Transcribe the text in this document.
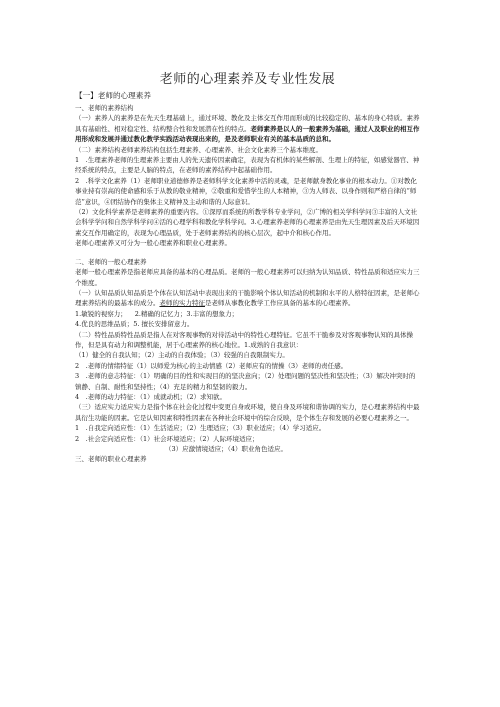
老师的心理素养及专业性发展
【一】老师的心理素养

一、老师的素养结构

（一）素养人的素养是在先天生理基础上，通过环境、教化及主体交互作用而形成的比较稳定的、基本的身心特质。素养具有基础性、相对稳定性、结构整合性和发展潜在性的特点。老师素养是以人的一般素养为基础，通过人及职业的相互作用形成和发展并通过教化教学实践活动表现出来的，是及老师职业有关的基本品质的总和。

（二）素养结构老师素养结构包括生理素养、心理素养、社会文化素养三个基本维度。

1　.生理素养老师的生理素养主要由人的先天遗传因素确定，表现为有机体的某些解剖、生理上的特征，如感觉器官、神经系统的特点，主要是人脑的特点，在老师的素养结构中起基础作用。

2　.科学文化素养（1）老师职业道德修养是老师科学文化素养中活的灵魂，是老师献身教化事业的根本动力。①对教化事业持有崇高的使命感和乐于从教的敬业精神，②敬重和爱惜学生的人本精神，③为人师表、以身作则和严格自律的“师范”意识，④团结协作的集体主义精神及主动和谐的人际意识。

（2）文化科学素养是老师素养的重要内容。①深厚而系统的所教学科专业学问，②广博的相关学科学问③丰富的人文社会科学学问和自然学科学问④活的心理学科和教化学科学问。3.心理素养老师的心理素养是由先天生理因素及后天环境因素交互作用确定的，表现为心理品质，处于老师素养结构的核心层次，起中介和核心作用。

老师心理素养又可分为一般心理素养和职业心理素养。

二、老师的一般心理素养

老师一般心理素养是指老师应具备的基本的心理品质。老师的一般心理素养可以归纳为认知品质、特性品质和适应实力三个维度。

（一）认知品质认知品质是个体在认知活动中表现出来的干脆影响个体认知活动的机制和水平的人格特征因素，是老师心理素养结构的最基本的成分。老师的实力特征是老师从事教化教学工作应具备的基本的心理素养。

1.敏锐的视察力； 2.精确的记忆力；3.丰富的想象力；

4.优良的思维品质；5. 擅长安排留意力。

（二）特性品质特性品质是指人在对客观事物的对待活动中的特性心理特征。它虽不干脆参及对客观事物认知的具体操作，但是具有动力和调整机能，居于心理素养的核心地位。1.成熟的自我意识：

（1）健全的自我认知；（2）主动的自我体验；（3）较强的自我限制实力。

2　.老师的情绪特征（1）以师爱为核心的主动情感（2）老师应有的情操（3）老师的责任感。

3　.老师的意志特征：（1）明确的目的性和实现目的的坚决意向；（2）处理问题的坚决性和坚决性；（3）解决冲突时的镇静、自制、耐性和坚持性；（4）充足的精力和坚韧的毅力。

4　.老师的动力特征：（1）成就动机；（2）求知欲。

（三）适应实力适应实力是指个体在社会化过程中变更自身或环境，使自身及环境和谐协调的实力，是心理素养结构中最具衍生功能的因素。它是认知因素和特性因素在各种社会环境中的综合反映，是个体生存和发展的必要心理素养之一。

1　.自我定向适应性：（1）生活适应；（2）生理适应；（3）职业适应；（4）学习适应。

2　.社会定向适应性：（1）社会环境适应；（2）人际环境适应；

（3）应激情境适应；（4）职业角色适应。

三、老师的职业心理素养
